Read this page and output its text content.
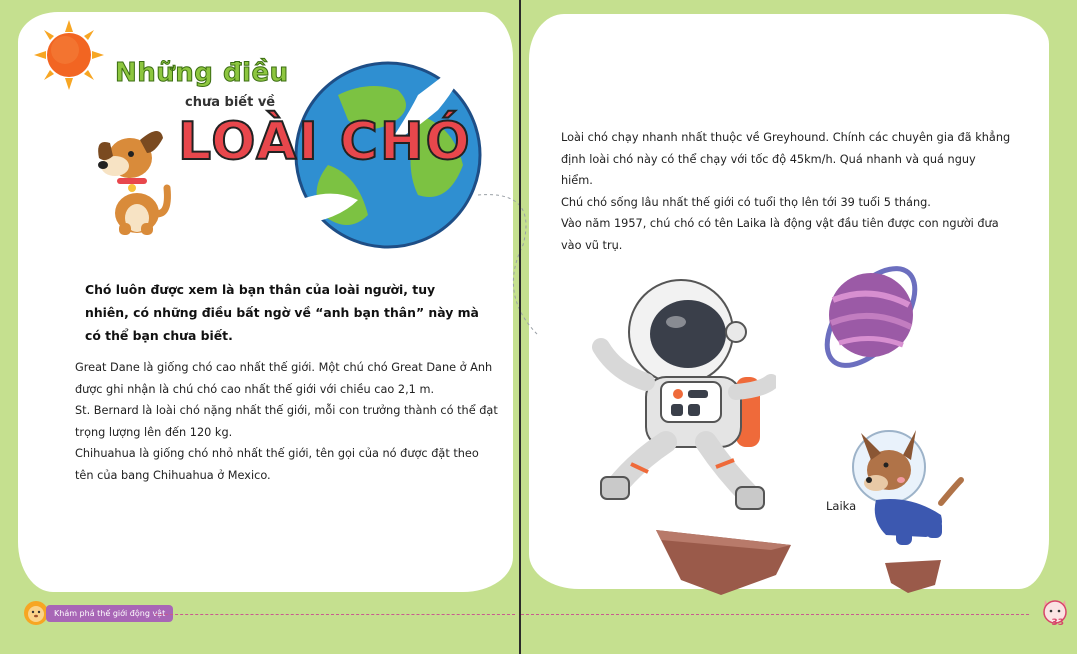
Những điều
chưa biết về
LOÀI CHÓ

Chó luôn được xem là bạn thân của loài người, tuy nhiên, có những điều bất ngờ về “anh bạn thân” này mà có thể bạn chưa biết.

Great Dane là giống chó cao nhất thế giới. Một chú chó Great Dane ở Anh được ghi nhận là chú chó cao nhất thế giới với chiều cao 2,1 m.

St. Bernard là loài chó nặng nhất thế giới, mỗi con trưởng thành có thể đạt trọng lượng lên đến 120 kg.

Chihuahua là giống chó nhỏ nhất thế giới, tên gọi của nó được đặt theo tên của bang Chihuahua ở Mexico.

Khám phá thế giới động vật

Loài chó chạy nhanh nhất thuộc về Greyhound. Chính các chuyên gia đã khẳng định loài chó này có thể chạy với tốc độ 45km/h. Quá nhanh và quá nguy hiểm.

Chú chó sống lâu nhất thế giới có tuổi thọ lên tới 39 tuổi 5 tháng.

Vào năm 1957, chú chó có tên Laika là động vật đầu tiên được con người đưa vào vũ trụ.

Laika
33
